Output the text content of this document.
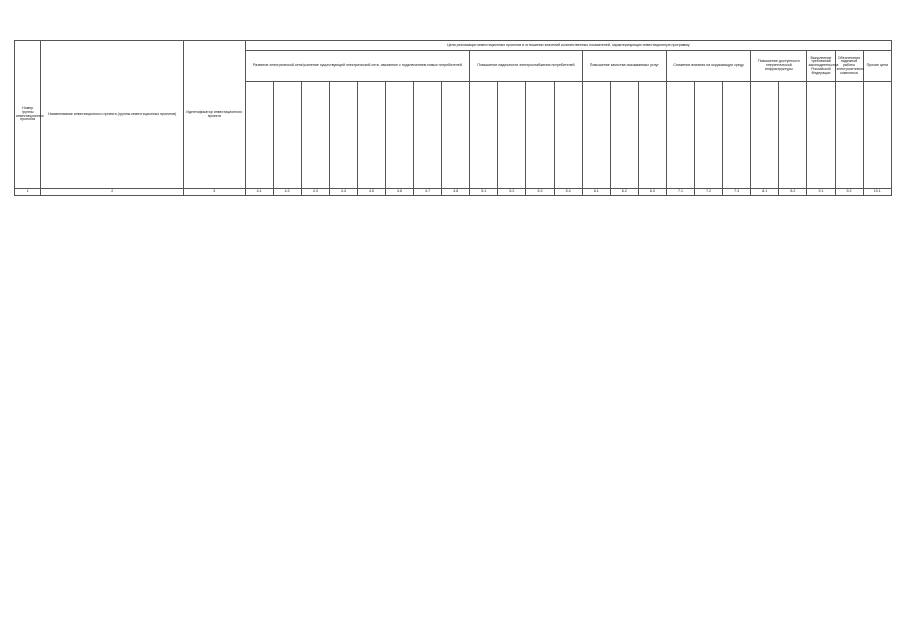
Номер группы инвестиционных проектов	Наименование инвестиционного проекта (группы инвестиционных проектов)	Идентификатор инвестиционного проекта	Цели реализации инвестиционных проектов в отношении значений количественных показателей, характеризующих инвестиционную программу																						
			Развитие электрической сети/усиление существующей электрической сети, связанное с подключением новых потребителей								Повышение надежности электроснабжения потребителей				Повышение качества оказываемых услуг			Снижение влияния на окружающую среду			Повышение доступности энергетической инфраструктуры		Выполнение требований законодательства Российской Федерации	Обеспечение надежной работы электросетевого комплекса	Прочие цели

1	2	3	4.1	4.2	4.3	4.4	4.5	4.6	4.7	4.8	5.1	5.2	5.3	5.4	6.1	6.2	6.3	7.1	7.2	7.3	8.1	8.2	9.1	9.2	10.1
